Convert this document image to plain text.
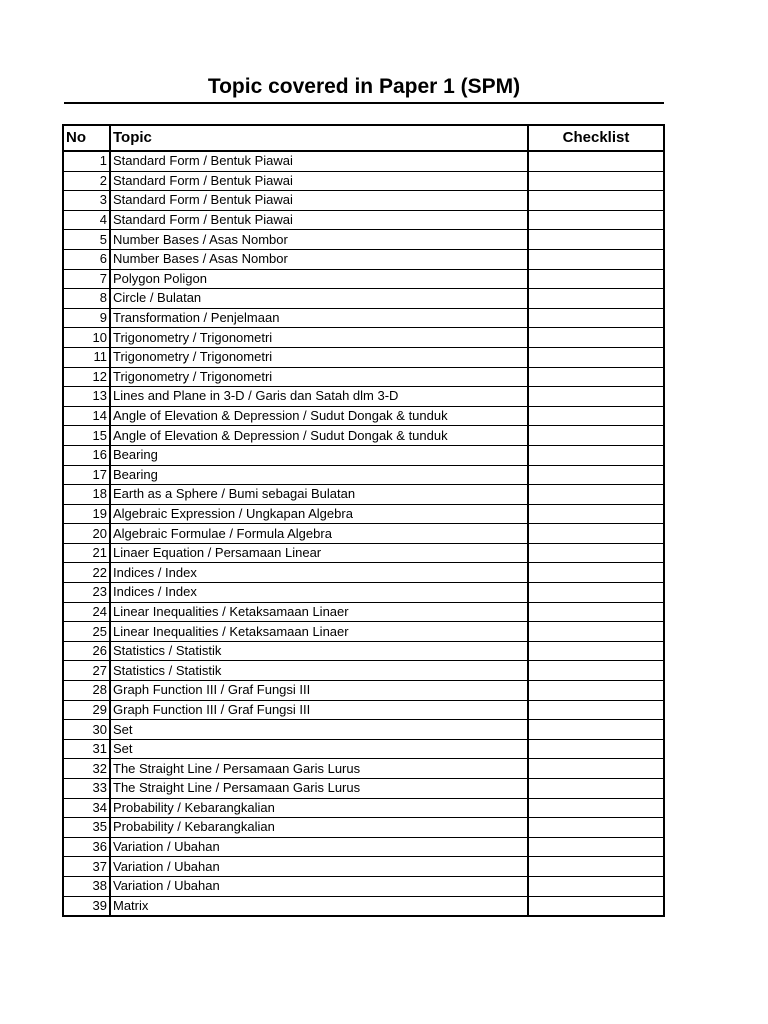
Topic covered in Paper 1 (SPM)
No	Topic	Checklist
1	Standard Form / Bentuk Piawai	
2	Standard Form / Bentuk Piawai	
3	Standard Form / Bentuk Piawai	
4	Standard Form / Bentuk Piawai	
5	Number Bases / Asas Nombor	
6	Number Bases / Asas Nombor	
7	Polygon Poligon	
8	Circle / Bulatan	
9	Transformation / Penjelmaan	
10	Trigonometry / Trigonometri	
11	Trigonometry / Trigonometri	
12	Trigonometry / Trigonometri	
13	Lines and Plane in 3-D / Garis dan Satah dlm 3-D	
14	Angle of Elevation & Depression / Sudut Dongak & tunduk	
15	Angle of Elevation & Depression / Sudut Dongak & tunduk	
16	Bearing	
17	Bearing	
18	Earth as a Sphere / Bumi sebagai Bulatan	
19	Algebraic Expression / Ungkapan Algebra	
20	Algebraic Formulae / Formula Algebra	
21	Linaer Equation / Persamaan Linear	
22	Indices / Index	
23	Indices / Index	
24	Linear Inequalities / Ketaksamaan Linaer	
25	Linear Inequalities / Ketaksamaan Linaer	
26	Statistics / Statistik	
27	Statistics / Statistik	
28	Graph Function III / Graf Fungsi III	
29	Graph Function III / Graf Fungsi III	
30	Set	
31	Set	
32	The Straight Line / Persamaan Garis Lurus	
33	The Straight Line / Persamaan Garis Lurus	
34	Probability / Kebarangkalian	
35	Probability / Kebarangkalian	
36	Variation / Ubahan	
37	Variation / Ubahan	
38	Variation / Ubahan	
39	Matrix	
